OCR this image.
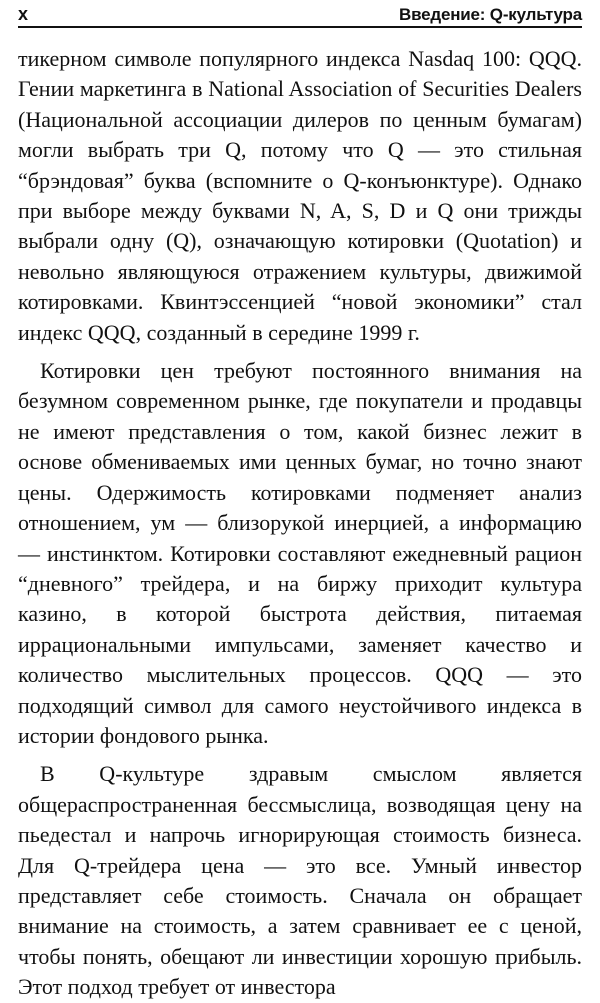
x	Введение: Q-культура

тикерном символе популярного индекса Nasdaq 100: QQQ. Гении маркетинга в National Association of Securities Dealers (Национальной ассоциации дилеров по ценным бумагам) могли выбрать три Q, потому что Q — это стильная “брэндовая” буква (вспомните о Q-конъюнктуре). Однако при выборе между буквами N, A, S, D и Q они трижды выбрали одну (Q), означающую котировки (Quotation) и невольно являющуюся отражением культуры, движимой котировками. Квинтэссенцией “новой экономики” стал индекс QQQ, созданный в середине 1999 г.

Котировки цен требуют постоянного внимания на безумном современном рынке, где покупатели и продавцы не имеют представления о том, какой бизнес лежит в основе обмениваемых ими ценных бумаг, но точно знают цены. Одержимость котировками подменяет анализ отношением, ум — близорукой инерцией, а информацию — инстинктом. Котировки составляют ежедневный рацион “дневного” трейдера, и на биржу приходит культура казино, в которой быстрота действия, питаемая иррациональными импульсами, заменяет качество и количество мыслительных процессов. QQQ — это подходящий символ для самого неустойчивого индекса в истории фондового рынка.

В Q-культуре здравым смыслом является общераспространенная бессмыслица, возводящая цену на пьедестал и напрочь игнорирующая стоимость бизнеса. Для Q-трейдера цена — это все. Умный инвестор представляет себе стоимость. Сначала он обращает внимание на стоимость, а затем сравнивает ее с ценой, чтобы понять, обещают ли инвестиции хорошую прибыль. Этот подход требует от инвестора
